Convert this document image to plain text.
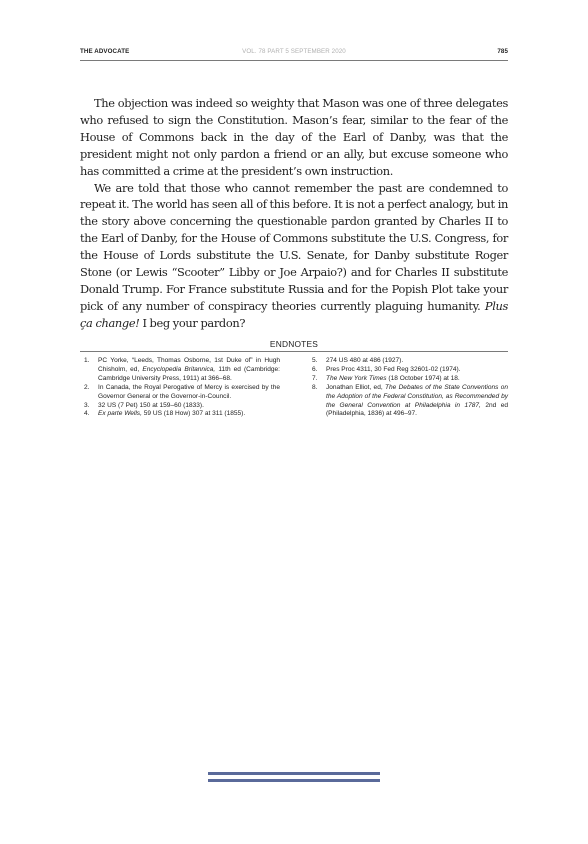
THE ADVOCATE	VOL. 78 PART 5 SEPTEMBER 2020	785

The objection was indeed so weighty that Mason was one of three delegates who refused to sign the Constitution. Mason’s fear, similar to the fear of the House of Commons back in the day of the Earl of Danby, was that the president might not only pardon a friend or an ally, but excuse someone who has committed a crime at the president’s own instruction.

We are told that those who cannot remember the past are condemned to repeat it. The world has seen all of this before. It is not a perfect analogy, but in the story above concerning the questionable pardon granted by Charles II to the Earl of Danby, for the House of Commons substitute the U.S. Congress, for the House of Lords substitute the U.S. Senate, for Danby substitute Roger Stone (or Lewis “Scooter” Libby or Joe Arpaio?) and for Charles II substitute Donald Trump. For France substitute Russia and for the Popish Plot take your pick of any number of conspiracy theories currently plaguing humanity. Plus ça change! I beg your pardon?

ENDNOTES
1. PC Yorke, “Leeds, Thomas Osborne, 1st Duke of” in Hugh Chisholm, ed, Encyclopedia Britannica, 11th ed (Cambridge: Cambridge University Press, 1911) at 366–68.
2. In Canada, the Royal Perogative of Mercy is exercised by the Governor General or the Governor-in-Council.
3. 32 US (7 Pet) 150 at 159–60 (1833).
4. Ex parte Wells, 59 US (18 How) 307 at 311 (1855).
5. 274 US 480 at 486 (1927).
6. Pres Proc 4311, 30 Fed Reg 32601-02 (1974).
7. The New York Times (18 October 1974) at 18.
8. Jonathan Elliot, ed, The Debates of the State Conventions on the Adoption of the Federal Constitution, as Recommended by the General Convention at Philadelphia in 1787, 2nd ed (Philadelphia, 1836) at 496–97.
